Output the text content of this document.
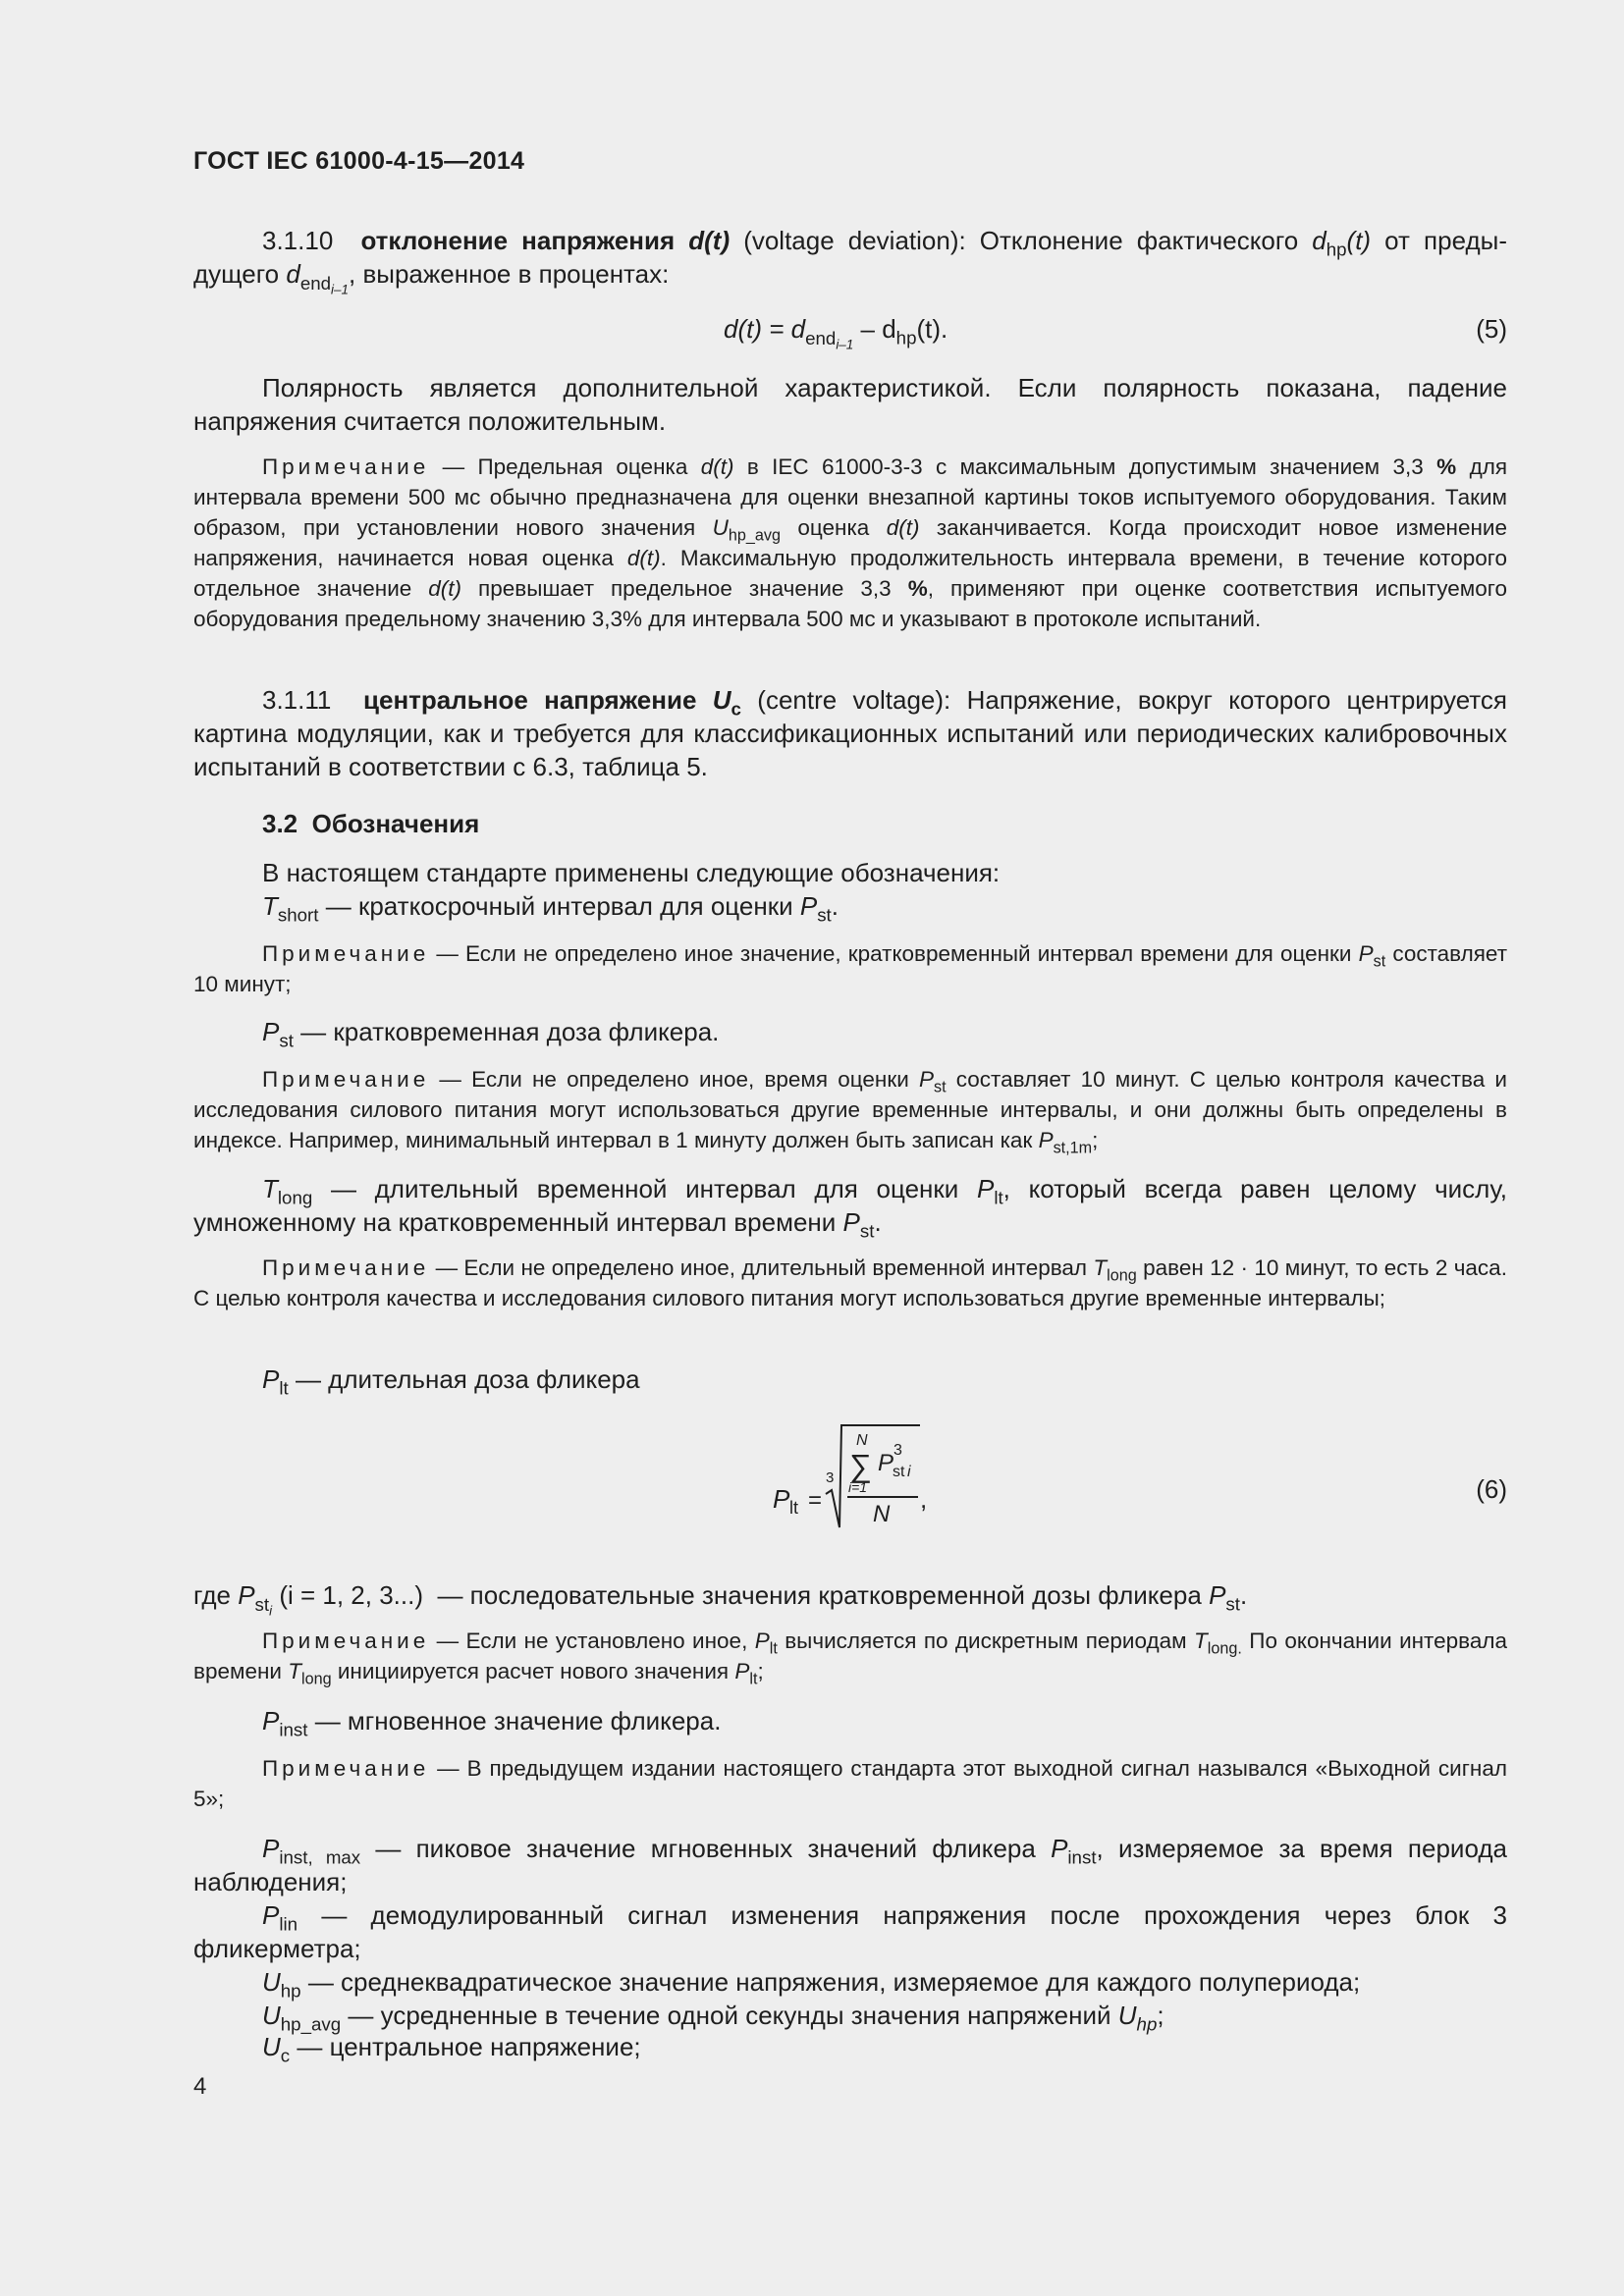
ГОСТ IEC 61000-4-15—2014
3.1.10 отклонение напряжения d(t) (voltage deviation): Отклонение фактического $d_{hp}(t)$ от преды- дущего $d_{end_{i-1}}$, выраженное в процентах:
$d(t) = d_{end_{i-1}} - d_{hp}(t)$.	(5)
Полярность является дополнительной характеристикой. Если полярность показана, падение напряжения считается положительным.
Примечание — Предельная оценка d(t) в IEC 61000-3-3 с максимальным допустимым значением 3,3 % для интервала времени 500 мс обычно предназначена для оценки внезапной картины токов испытуемого оборудования. Таким образом, при установлении нового значения $U_{hp\_avg}$ оценка d(t) заканчивается. Когда происходит новое изменение напряжения, начинается новая оценка d(t). Максимальную продолжительность интервала времени, в течение которого отдельное значение d(t) превышает предельное значение 3,3 %, применяют при оценке соответствия испытуемого оборудования предельному значению 3,3% для интервала 500 мс и указывают в протоколе испытаний.
3.1.11 центральное напряжение $U_c$ (centre voltage): Напряжение, вокруг которого центрируется картина модуляции, как и требуется для классификационных испытаний или периодических калибровочных испытаний в соответствии с 6.3, таблица 5.
3.2 Обозначения
В настоящем стандарте применены следующие обозначения:
$T_{short}$ — краткосрочный интервал для оценки $P_{st}$.
Примечание — Если не определено иное значение, кратковременный интервал времени для оценки $P_{st}$ составляет 10 минут;
$P_{st}$ — кратковременная доза фликера.
Примечание — Если не определено иное, время оценки $P_{st}$ составляет 10 минут. С целью контроля качества и исследования силового питания могут использоваться другие временные интервалы, и они должны быть определены в индексе. Например, минимальный интервал в 1 минуту должен быть записан как $P_{st,1m}$;
$T_{long}$ — длительный временной интервал для оценки $P_{lt}$, который всегда равен целому числу, умноженному на кратковременный интервал времени $P_{st}$.
Примечание — Если не определено иное, длительный временной интервал $T_{long}$ равен 12 · 10 минут, то есть 2 часа. С целью контроля качества и исследования силового питания могут использоваться другие временные интервалы;
$P_{lt}$ — длительная доза фликера
P lt =
3
N
∑
i=1
P
st i
3
N
,	(6)
где $P_{st_i}$ (i = 1, 2, 3...) — последовательные значения кратковременной дозы фликера $P_{st}$.
Примечание — Если не установлено иное, $P_{lt}$ вычисляется по дискретным периодам $T_{long.}$ По окончании интервала времени $T_{long}$ инициируется расчет нового значения $P_{lt}$;
$P_{inst}$ — мгновенное значение фликера.
Примечание — В предыдущем издании настоящего стандарта этот выходной сигнал назывался «Выходной сигнал 5»;
$P_{inst, max}$ — пиковое значение мгновенных значений фликера $P_{inst}$, измеряемое за время периода наблюдения;
$P_{lin}$ — демодулированный сигнал изменения напряжения после прохождения через блок 3 фликерметра;
$U_{hp}$ — среднеквадратическое значение напряжения, измеряемое для каждого полупериода;
$U_{hp\_avg}$ — усредненные в течение одной секунды значения напряжений $U_{hp}$;
$U_c$ — центральное напряжение;
4
